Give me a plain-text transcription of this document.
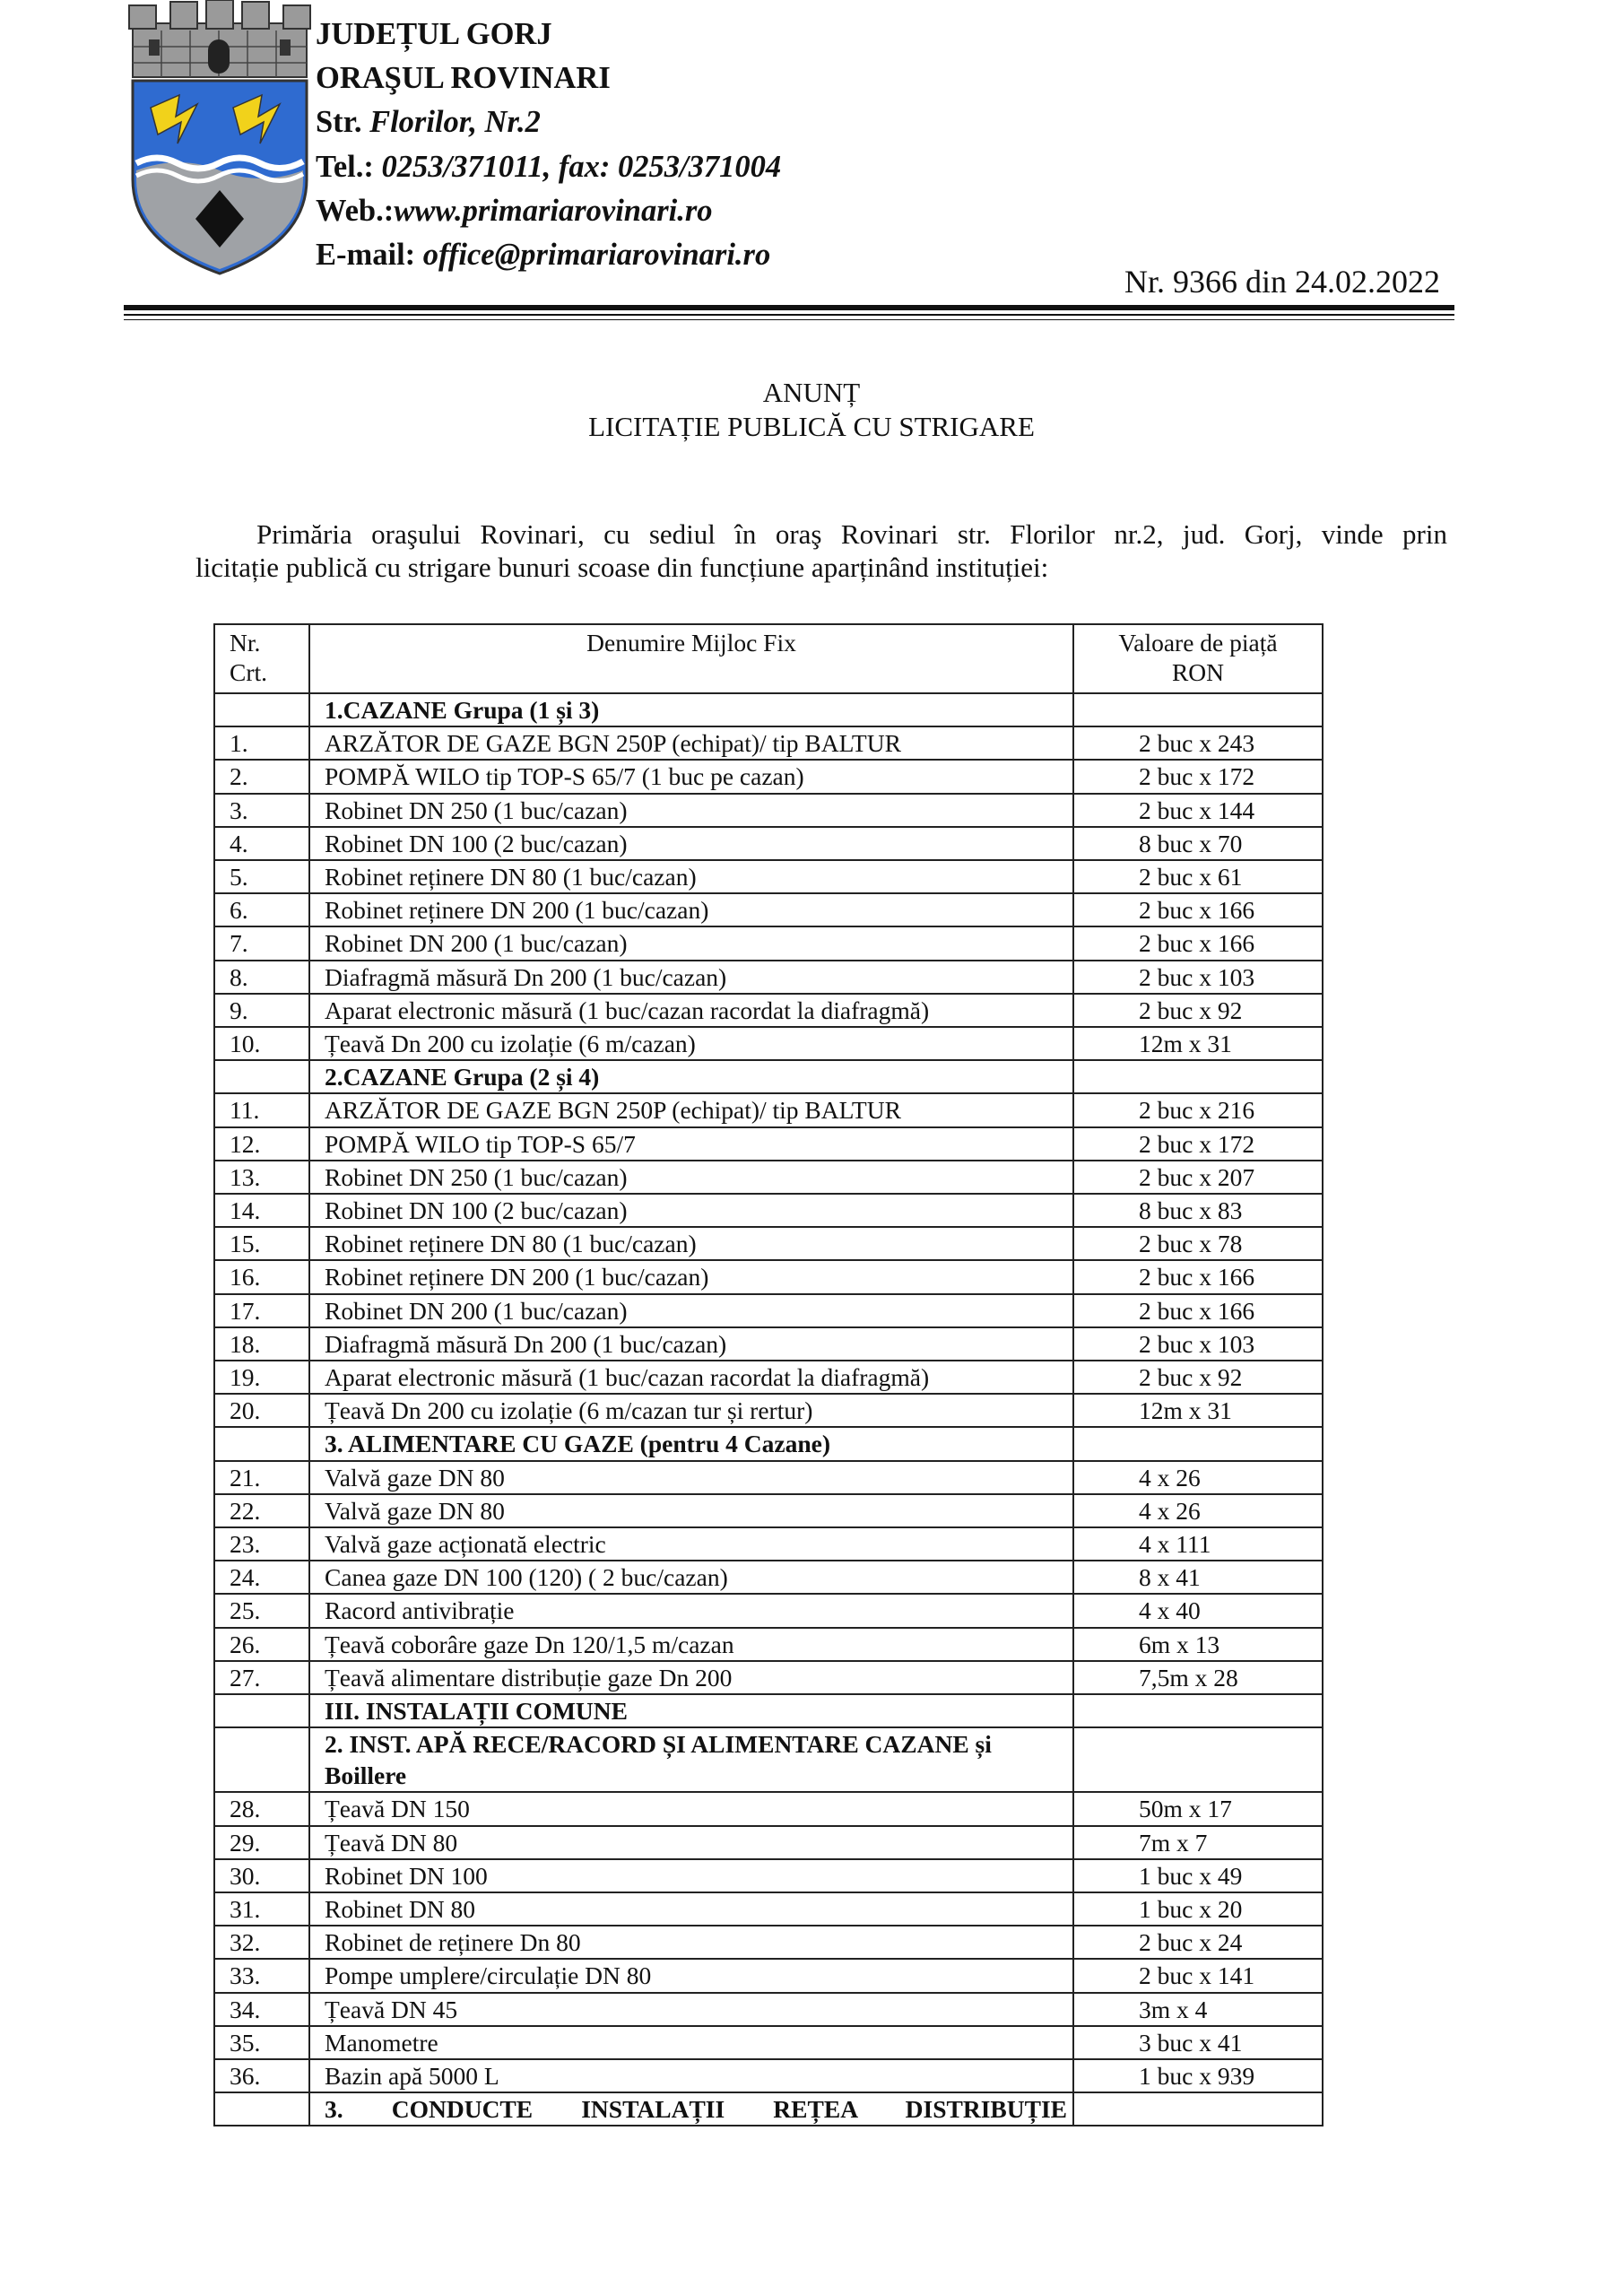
JUDEȚUL GORJ
ORAŞUL ROVINARI
Str. Florilor, Nr.2
Tel.: 0253/371011, fax: 0253/371004
Web.:www.primariarovinari.ro
E-mail: office@primariarovinari.ro
Nr. 9366 din 24.02.2022
ANUNȚ
LICITAȚIE PUBLICĂ CU STRIGARE
Primăria oraşului Rovinari, cu sediul în oraş Rovinari str. Florilor nr.2, jud. Gorj, vinde prin
licitație publică cu strigare bunuri scoase din funcțiune aparținând instituției:
Nr. Crt.	Denumire Mijloc Fix	Valoare de piață RON
	1.CAZANE Grupa (1 și 3)	
1.	ARZĂTOR DE GAZE BGN 250P (echipat)/ tip BALTUR	2 buc x 243
2.	POMPĂ WILO tip TOP-S 65/7 (1 buc pe cazan)	2 buc x 172
3.	Robinet DN 250 (1 buc/cazan)	2 buc x 144
4.	Robinet DN 100 (2 buc/cazan)	8 buc x 70
5.	Robinet reținere DN 80 (1 buc/cazan)	2 buc x 61
6.	Robinet reținere DN 200 (1 buc/cazan)	2 buc x 166
7.	Robinet DN 200 (1 buc/cazan)	2 buc x 166
8.	Diafragmă măsură Dn 200 (1 buc/cazan)	2 buc x 103
9.	Aparat electronic măsură (1 buc/cazan racordat la diafragmă)	2 buc x 92
10.	Țeavă Dn 200 cu izolație (6 m/cazan)	12m x 31
	2.CAZANE Grupa (2 și 4)	
11.	ARZĂTOR DE GAZE BGN 250P (echipat)/ tip BALTUR	2 buc x 216
12.	POMPĂ WILO tip TOP-S 65/7	2 buc x 172
13.	Robinet DN 250 (1 buc/cazan)	2 buc x 207
14.	Robinet DN 100 (2 buc/cazan)	8 buc x 83
15.	Robinet reținere DN 80 (1 buc/cazan)	2 buc x 78
16.	Robinet reținere DN 200 (1 buc/cazan)	2 buc x 166
17.	Robinet DN 200 (1 buc/cazan)	2 buc x 166
18.	Diafragmă măsură Dn 200 (1 buc/cazan)	2 buc x 103
19.	Aparat electronic măsură (1 buc/cazan racordat la diafragmă)	2 buc x 92
20.	Țeavă Dn 200 cu izolație (6 m/cazan tur și rertur)	12m x 31
	3. ALIMENTARE CU GAZE (pentru 4 Cazane)	
21.	Valvă gaze DN 80	4 x 26
22.	Valvă gaze DN 80	4 x 26
23.	Valvă gaze acționată electric	4 x 111
24.	Canea gaze DN 100 (120) ( 2 buc/cazan)	8 x 41
25.	Racord antivibrație	4 x 40
26.	Țeavă coborâre gaze Dn 120/1,5 m/cazan	6m x 13
27.	Țeavă alimentare distribuție gaze Dn 200	7,5m x 28
	III. INSTALAȚII COMUNE	
	2. INST. APĂ RECE/RACORD ȘI ALIMENTARE CAZANE și Boillere	
28.	Țeavă DN 150	50m x 17
29.	Țeavă DN 80	7m x 7
30.	Robinet DN 100	1 buc x 49
31.	Robinet DN 80	1 buc x 20
32.	Robinet de reținere Dn 80	2 buc x 24
33.	Pompe umplere/circulație DN 80	2 buc x 141
34.	Țeavă DN 45	3m x 4
35.	Manometre	3 buc x 41
36.	Bazin apă 5000 L	1 buc x 939
	3. CONDUCTE INSTALAȚII REȚEA DISTRIBUȚIE	
